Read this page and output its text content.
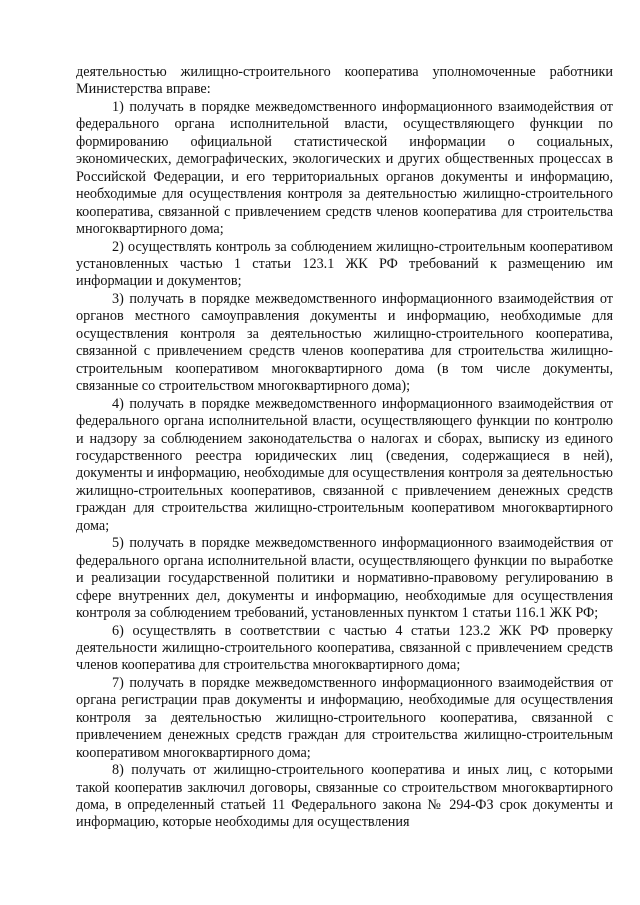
деятельностью жилищно-строительного кооператива уполномоченные работники Министерства вправе:

1) получать в порядке межведомственного информационного взаимодействия от федерального органа исполнительной власти, осуществляющего функции по формированию официальной статистической информации о социальных, экономических, демографических, экологических и других общественных процессах в Российской Федерации, и его территориальных органов документы и информацию, необходимые для осуществления контроля за деятельностью жилищно-строительного кооператива, связанной с привлечением средств членов кооператива для строительства многоквартирного дома;

2) осуществлять контроль за соблюдением жилищно-строительным кооперативом установленных частью 1 статьи 123.1 ЖК РФ требований к размещению им информации и документов;

3) получать в порядке межведомственного информационного взаимодействия от органов местного самоуправления документы и информацию, необходимые для осуществления контроля за деятельностью жилищно-строительного кооператива, связанной с привлечением средств членов кооператива для строительства жилищно-строительным кооперативом многоквартирного дома (в том числе документы, связанные со строительством многоквартирного дома);

4) получать в порядке межведомственного информационного взаимодействия от федерального органа исполнительной власти, осуществляющего функции по контролю и надзору за соблюдением законодательства о налогах и сборах, выписку из единого государственного реестра юридических лиц (сведения, содержащиеся в ней), документы и информацию, необходимые для осуществления контроля за деятельностью жилищно-строительных кооперативов, связанной с привлечением денежных средств граждан для строительства жилищно-строительным кооперативом многоквартирного дома;

5) получать в порядке межведомственного информационного взаимодействия от федерального органа исполнительной власти, осуществляющего функции по выработке и реализации государственной политики и нормативно-правовому регулированию в сфере внутренних дел, документы и информацию, необходимые для осуществления контроля за соблюдением требований, установленных пунктом 1 статьи 116.1 ЖК РФ;

6) осуществлять в соответствии с частью 4 статьи 123.2 ЖК РФ проверку деятельности жилищно-строительного кооператива, связанной с привлечением средств членов кооператива для строительства многоквартирного дома;

7) получать в порядке межведомственного информационного взаимодействия от органа регистрации прав документы и информацию, необходимые для осуществления контроля за деятельностью жилищно-строительного кооператива, связанной с привлечением денежных средств граждан для строительства жилищно-строительным кооперативом многоквартирного дома;

8) получать от жилищно-строительного кооператива и иных лиц, с которыми такой кооператив заключил договоры, связанные со строительством многоквартирного дома, в определенный статьей 11 Федерального закона № 294-ФЗ срок документы и информацию, которые необходимы для осуществления
